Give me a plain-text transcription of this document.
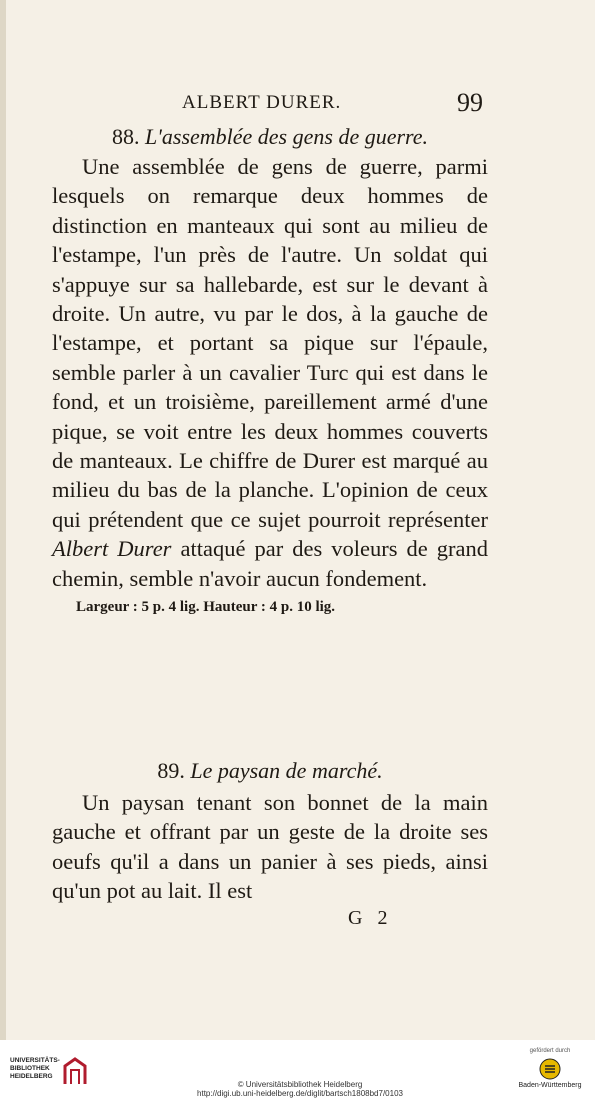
ALBERT DURER.	99
88. L'assemblée des gens de guerre.

Une assemblée de gens de guerre, parmi lesquels on remarque deux hommes de distinction en manteaux qui sont au milieu de l'estampe, l'un près de l'autre. Un soldat qui s'appuye sur sa hallebarde, est sur le devant à droite. Un autre, vu par le dos, à la gauche de l'estampe, et portant sa pique sur l'épaule, semble parler à un cavalier Turc qui est dans le fond, et un troisième, pareillement armé d'une pique, se voit entre les deux hommes couverts de manteaux. Le chiffre de Durer est marqué au milieu du bas de la planche. L'opinion de ceux qui prétendent que ce sujet pourroit représenter Albert Durer attaqué par des voleurs de grand chemin, semble n'avoir aucun fondement.

Largeur : 5 p. 4 lig. Hauteur : 4 p. 10 lig.
89. Le paysan de marché.

Un paysan tenant son bonnet de la main gauche et offrant par un geste de la droite ses oeufs qu'il a dans un panier à ses pieds, ainsi qu'un pot au lait. Il est

G 2
UNIVERSITÄTS-
BIBLIOTHEK
HEIDELBERG
© Universitätsbibliothek Heidelberg
http://digi.ub.uni-heidelberg.de/diglit/bartsch1808bd7/0103
gefördert durch
Baden-Württemberg
